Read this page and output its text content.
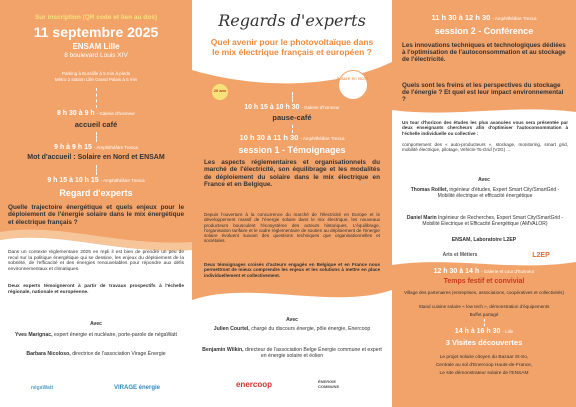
Sur inscription (QR code et lien au dos)
11 septembre 2025
ENSAM Lille
8 boulevard Louis XIV
Parking à Euralille à 5 min à pieds
Métro 2 station Lille Grand Palais à 5 min
8 h 30 à 9 h - Galerie d'honneur
accueil café
9 h à 9 h 15 - Amphithéâtre Tresca
Mot d'accueil : Solaire en Nord et ENSAM
9 h 15 à 10 h 15 - Amphithéâtre Tresca
Regard d'experts
Quelle trajectoire énergétique et quels enjeux pour le déploiement de l'énergie solaire dans le mix énergétique et électrique français ?
Dans un contexte réglementaire 2025 en repli il est bien de prendre un peu de recul sur la politique énergétique qui se dessine, les enjeux du déploiement de la sobriété, de l'efficacité et des énergies renouvelables pour répondre aux défis environnementaux et climatiques.
Deux experts témoigneront à partir de travaux prospectifs à l'échelle régionale, nationale et européenne.
Avec
Yves Marignac, expert énergie et nucléaire, porte-parole de négaWatt
Barbara Nicoloso, directrice de l'association Virage Énergie
négaWatt	VIRAGE énergie
Regards d'experts
Quel avenir pour le photovoltaïque dans le mix électrique français et européen ?
Solaire en Nord
20 ans
10 h 15 à 10 h 30 - Galerie d'honneur
pause-café
10 h 30 à 11 h 30 - Amphithéâtre Tresca
session 1 - Témoignages
Les aspects réglementaires et organisationnels du marché de l'électricité, son équilibrage et les modalités de déploiement du solaire dans le mix électrique en France et en Belgique.
Depuis l'ouverture à la concurrence du marché de l'électricité en Europe et le développement massif de l'énergie solaire dans le mix électrique, les nouveaux producteurs bousculent l'écosystème des acteurs historiques. L'équilibrage, l'organisation tarifaire et le cadre réglementaire de soutien au déploiement de l'énergie solaire évoluent suivant des questions techniques que organisationnelles et sociétales.
Deux témoignages croisés d'acteurs engagés en Belgique et en France nous permettront de mieux comprendre les enjeux et les solutions à mettre en place individuellement et collectivement.
Avec
Julien Courtel, chargé du discours énergie, pôle énergie, Enercoop
Benjamin Wilkin, directeur de l'association Belge Énergie commune et expert en énergie solaire et éolien
enercoop	ÉNERGIE COMMUNE
11 h 30 à 12 h 30 - Amphithéâtre Tresca
session 2 - Conférence
Les innovations techniques et technologiques dédiées à l'optimisation de l'autoconsommation et au stockage de l'électricité.
Quels sont les freins et les perspectives du stockage de l'énergie ? Et quel est leur impact environnemental ?
Un tour d'horizon des études les plus avancées vous sera présentée par deux enseignants chercheurs afin d'optimiser l'autoconsommation à l'échelle individuelle ou collective :
comportement des « auto-producteurs », stockage, monitoring, smart grid, mobilité électrique, pilotage, Vehicle-To-Grid (V2G) ...
Avec
Thomas Roillet, ingénieur d'études, Expert Smart City/SmartGrid - Mobilité électrique et efficacité énergétique
Daniel Marin Ingénieur de Recherches, Expert Smart City/SmartGrid - Mobilité Électrique et Efficacité Énergétique (AMVALOR)
ENSAM, Laboratoire L2EP
Arts et Métiers	L2EP
12 h 30 à 14 h - Galerie et cour d'honneur
Temps festif et convivial
Village des partenaires (entreprises, associations, coopératives et collectivités)
Stand cuisine solaire « low tech », démonstration d'équipements
Buffet partagé
14 h à 16 h 30 - Lille
3 Visites découvertes
Le projet solaire citoyen du Bazaar St-So,
Centrale au sol d'Enercoop Hauts-de-France,
Le site démonstrateur solaire de l'ENSAM
